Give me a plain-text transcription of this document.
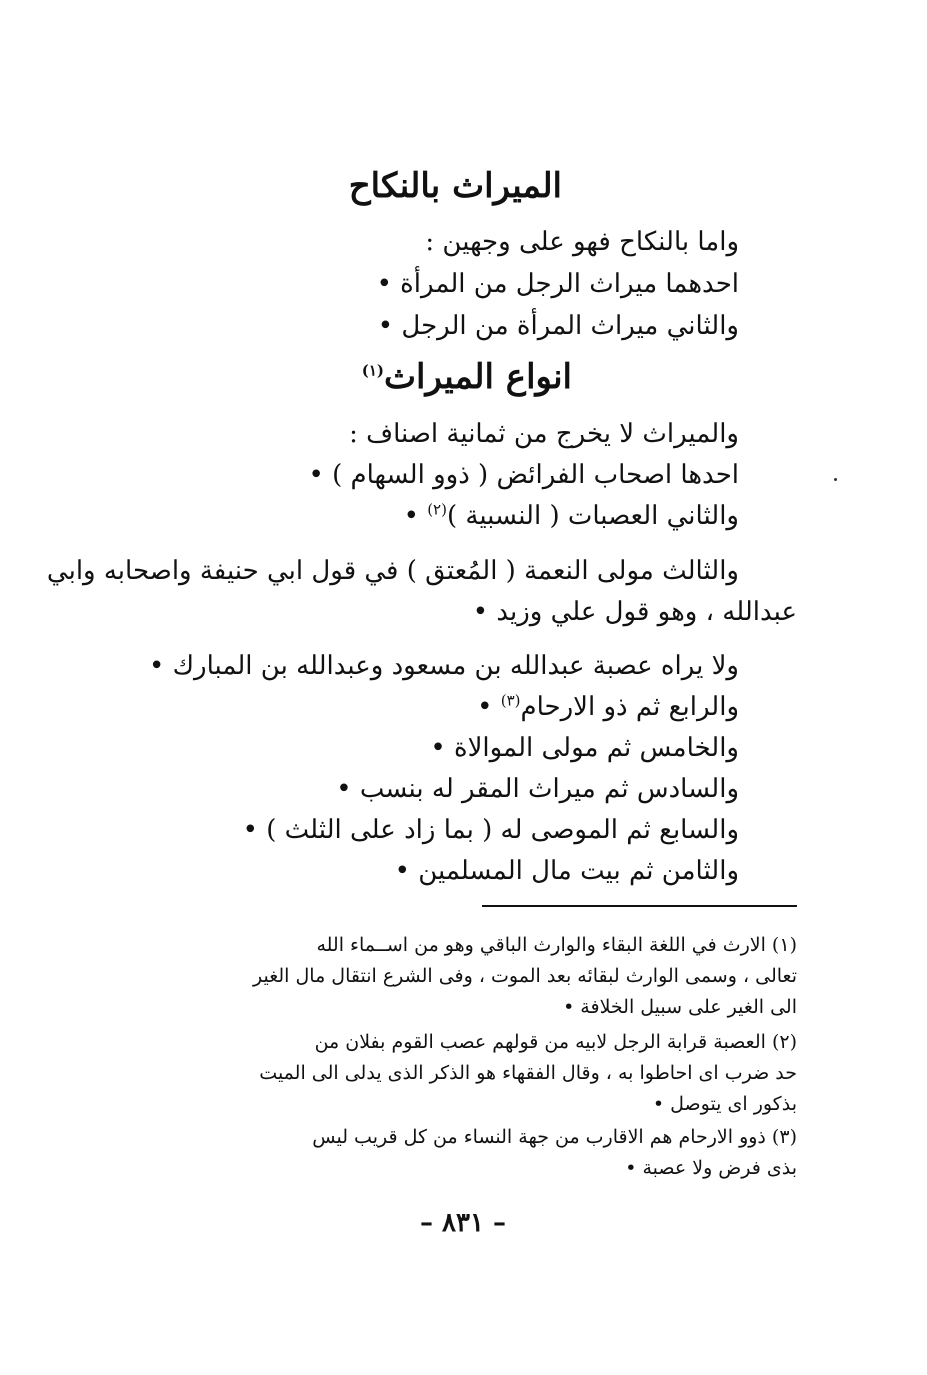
الميراث بالنكاح
واما بالنكاح فهو على وجهين :
احدهما ميراث الرجل من المرأة •
والثاني ميراث المرأة من الرجل •
انواع الميراث$^{(١)}$
والميراث لا يخرج من ثمانية اصناف :
احدها اصحاب الفرائض ( ذوو السهام ) •
والثاني العصبات ( النسبية )$^{(٢)}$ •
والثالث مولى النعمة ( المُعتق ) في قول ابي حنيفة واصحابه وابي
عبدالله ، وهو قول علي وزيد •
ولا يراه عصبة عبدالله بن مسعود وعبدالله بن المبارك •
والرابع ثم ذو الارحام$^{(٣)}$ •
والخامس ثم مولى الموالاة •
والسادس ثم ميراث المقر له بنسب •
والسابع ثم الموصى له ( بما زاد على الثلث ) •
والثامن ثم بيت مال المسلمين •
(١) الارث في اللغة البقاء والوارث الباقي وهو من اســماء الله
تعالى ، وسمى الوارث لبقائه بعد الموت ، وفى الشرع انتقال مال الغير
الى الغير على سبيل الخلافة •
(٢) العصبة قرابة الرجل لابيه من قولهم عصب القوم بفلان من
حد ضرب اى احاطوا به ، وقال الفقهاء هو الذكر الذى يدلى الى الميت
بذكور اى يتوصل •
(٣) ذوو الارحام هم الاقارب من جهة النساء من كل قريب ليس
بذى فرض ولا عصبة •
– ٨٣١ –
